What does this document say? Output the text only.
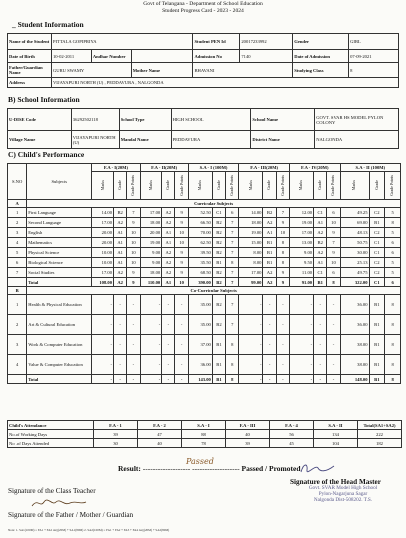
Govt of Telangana - Department of School Education
Student Progress Card - 2023 - 2024
_ Student Information
Name of the Student	PITTALA GOPIPRIYA			Student PEN Id	20017233992	Gender	GIRL
Date of Birth	10-02-2011	Andhar Number		Admission No	7140	Date of Admission	07-09-2021
Father/Guardian Name	GURU SWAMY		Mother Name	BHAVANI		Studying Class	8
Address	VIJAYAPURI NORTH (U) , PEDDAVURA , NALGONDA						
B) School Information
U-DISE Code	36292502118	School Type	HIGH SCHOOL	School Name	GOVT. SVAR HS MODEL PYLON COLONY
Village Name	VIJAYAPURI NORTH (U)	Mandal Name	PEDDAVURA	District Name	NALGONDA
C) Child's Performance
S.NO	Subjects	F.A - I(20M)			F.A - II(20M)			S.A - I (100M)			F.A - III(20M)			F.A - IV(20M)			S.A - II (100M)		
		Marks	Grade	Grade Points	Marks	Grade	Grade Points	Marks	Grade	Grade Points	Marks	Grade	Grade Points	Marks	Grade	Grade Points	Marks	Grade	Grade Points
A	Curricular Subjects																		
1	First Language	14.00	B2	7	17.00	A2	9	52.50	C1	6	14.00	B2	7	12.00	C1	6	49.25	C2	5
2	Second Language	17.00	A2	9	18.00	A2	9	66.50	B2	7	18.00	A2	9	19.00	A1	10	69.00	B1	8
3	English	20.00	A1	10	20.00	A1	10	70.00	B2	7	19.00	A1	10	17.00	A2	9	48.13	C2	5
4	Mathematics	20.00	A1	10	19.00	A1	10	62.50	B2	7	15.00	B1	8	13.00	B2	7	50.75	C1	6
5	Physical Science	10.00	A1	10	9.00	A2	9	39.50	B2	7	8.00	B1	8	9.00	A2	9	30.00	C1	6
6	Biological Science	10.00	A1	10	9.00	A2	9	35.50	B1	8	8.00	B1	8	9.50	A1	10	25.13	C2	5
7	Social Studies	17.00	A2	9	18.00	A2	9	68.50	B2	7	17.00	A2	9	11.00	C1	6	49.75	C2	5
	Total	108.00	A2	9	110.00	A1	10	390.00	B2	7	99.00	A2	9	91.00	B1	8	322.00	C1	6
B	Co-Curricular Subjects																		
1	Health & Physical Education	-	-	-	-	-	-	35.00	B2	7	-	-	-	-	-	-	36.00	B1	8
2	Art & Cultural Education	-	-	-	-	-	-	35.00	B2	7	-	-	-	-	-	-	36.00	B1	8
3	Work & Computer Education	-	-	-	-	-	-	37.00	B1	8	-	-	-	-	-	-	38.00	B1	8
4	Value & Computer Education	-	-	-	-	-	-	36.00	B1	8	-	-	-	-	-	-	38.00	B1	8
	Total	-	-	-	-	-	-	143.00	B1	8	-	-	-	-	-	-	148.00	B1	8
Child's Attendance	F.A - 1	F.A - 2	S.A - I	F.A - III	F.A - 4	S.A - II	Total(SA1+SA2)
No.of Working Days	39	47	88	40	56	134	222
No .of Days Attended	30	40	78	39	45	104	182
Result: ------------------- ------------------- Passed / Promoted
Passed
Signature of the Class Teacher
Signature of the Father / Mother / Guardian
Signature of the Head Master
Govt. SVAR Model High School
Pylon-Nagarjuna Sagar
Nalgonda Dist-508202. T.S.
Note: 1. SA1(100M) = FA1 + FA2 Avg(20M) + SA1(80M) 2. SA2(100M) = FA1 + FA2 + FA3 + FA4 Avg(20M) + SA2(80M)
